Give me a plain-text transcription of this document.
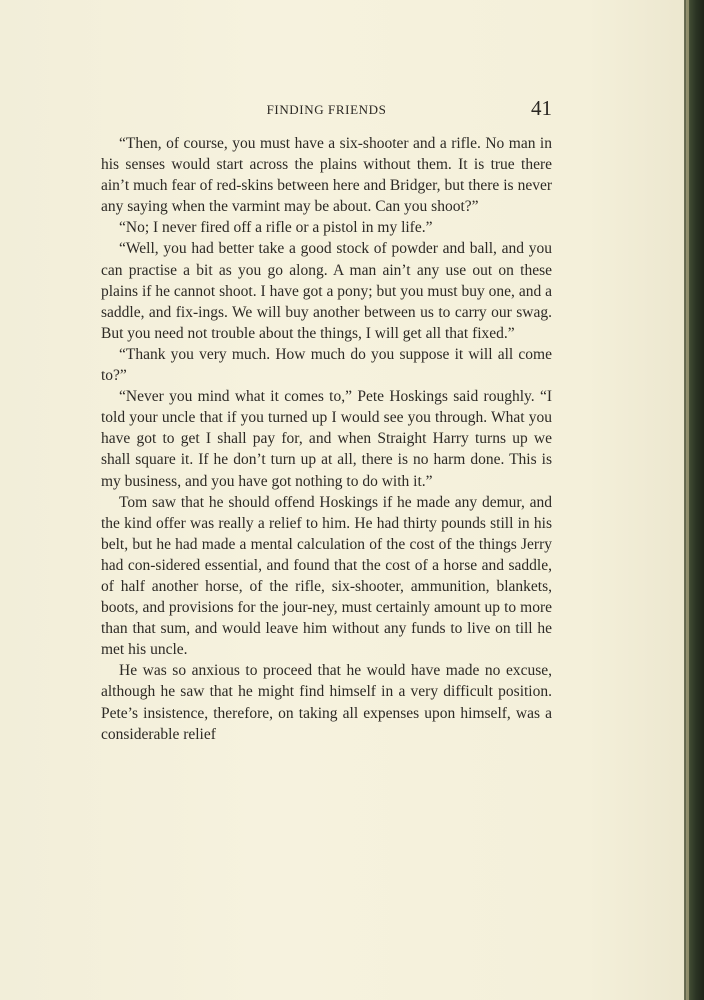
FINDING FRIENDS	41

“Then, of course, you must have a six-shooter and a rifle. No man in his senses would start across the plains without them. It is true there ain’t much fear of red-skins between here and Bridger, but there is never any saying when the varmint may be about. Can you shoot?”

“No; I never fired off a rifle or a pistol in my life.”

“Well, you had better take a good stock of powder and ball, and you can practise a bit as you go along. A man ain’t any use out on these plains if he cannot shoot. I have got a pony; but you must buy one, and a saddle, and fix-ings. We will buy another between us to carry our swag. But you need not trouble about the things, I will get all that fixed.”

“Thank you very much. How much do you suppose it will all come to?”

“Never you mind what it comes to,” Pete Hoskings said roughly. “I told your uncle that if you turned up I would see you through. What you have got to get I shall pay for, and when Straight Harry turns up we shall square it. If he don’t turn up at all, there is no harm done. This is my business, and you have got nothing to do with it.”

Tom saw that he should offend Hoskings if he made any demur, and the kind offer was really a relief to him. He had thirty pounds still in his belt, but he had made a mental calculation of the cost of the things Jerry had con-sidered essential, and found that the cost of a horse and saddle, of half another horse, of the rifle, six-shooter, ammunition, blankets, boots, and provisions for the jour-ney, must certainly amount up to more than that sum, and would leave him without any funds to live on till he met his uncle.

He was so anxious to proceed that he would have made no excuse, although he saw that he might find himself in a very difficult position. Pete’s insistence, therefore, on taking all expenses upon himself, was a considerable relief
